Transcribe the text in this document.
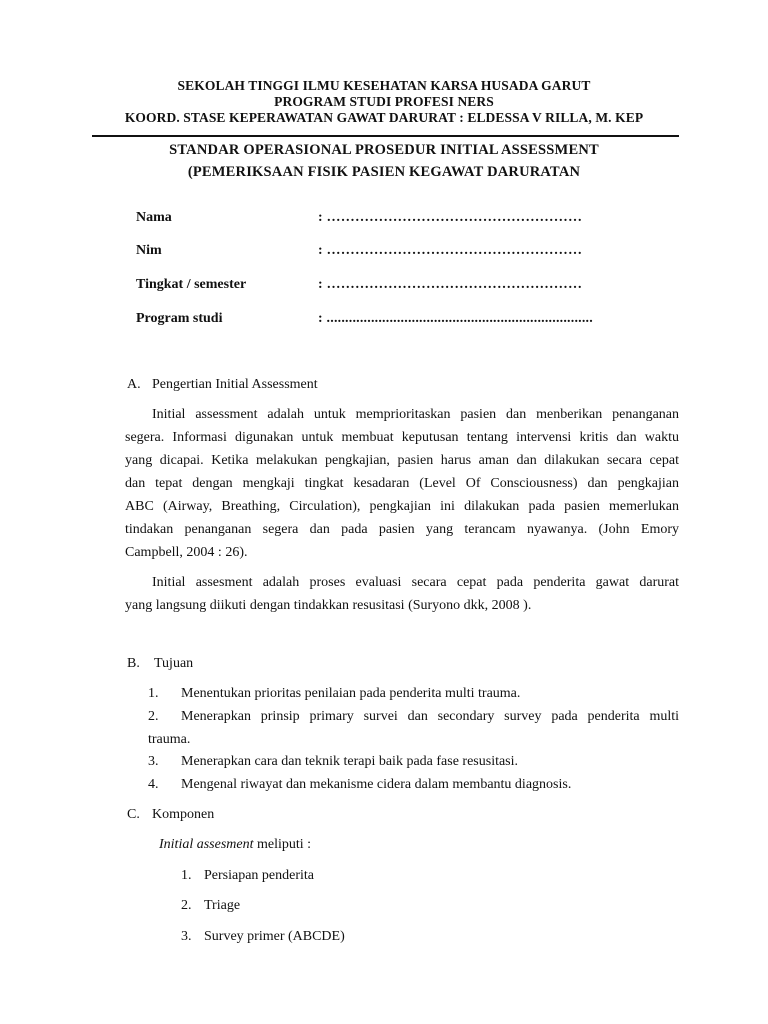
SEKOLAH TINGGI ILMU KESEHATAN KARSA HUSADA GARUT
PROGRAM STUDI PROFESI NERS
KOORD. STASE KEPERAWATAN GAWAT DARURAT : ELDESSA V RILLA, M. KEP
STANDAR OPERASIONAL PROSEDUR INITIAL ASSESSMENT
(PEMERIKSAAN FISIK PASIEN KEGAWAT DARURATAN
Nama	: ………………………………………………
Nim	: ………………………………………………
Tingkat / semester	: ………………………………………………
Program studi	: ........................................................................
A. Pengertian Initial Assessment
Initial assessment adalah untuk memprioritaskan pasien dan menberikan penanganan
segera. Informasi digunakan untuk membuat keputusan tentang intervensi kritis dan waktu
yang dicapai. Ketika melakukan pengkajian, pasien harus aman dan dilakukan secara cepat
dan tepat dengan mengkaji tingkat kesadaran (Level Of Consciousness) dan pengkajian
ABC (Airway, Breathing, Circulation), pengkajian ini dilakukan pada pasien memerlukan
tindakan penanganan segera dan pada pasien yang terancam nyawanya. (John Emory
Campbell, 2004 : 26).
Initial assesment adalah proses evaluasi secara cepat pada penderita gawat darurat
yang langsung diikuti dengan tindakkan resusitasi (Suryono dkk, 2008 ).
B. Tujuan
1. Menentukan prioritas penilaian pada penderita multi trauma.
2. Menerapkan prinsip primary survei dan secondary survey pada penderita multi
trauma.
3. Menerapkan cara dan teknik terapi baik pada fase resusitasi.
4. Mengenal riwayat dan mekanisme cidera dalam membantu diagnosis.
C. Komponen
Initial assesment meliputi :
1. Persiapan penderita
2. Triage
3. Survey primer (ABCDE)
